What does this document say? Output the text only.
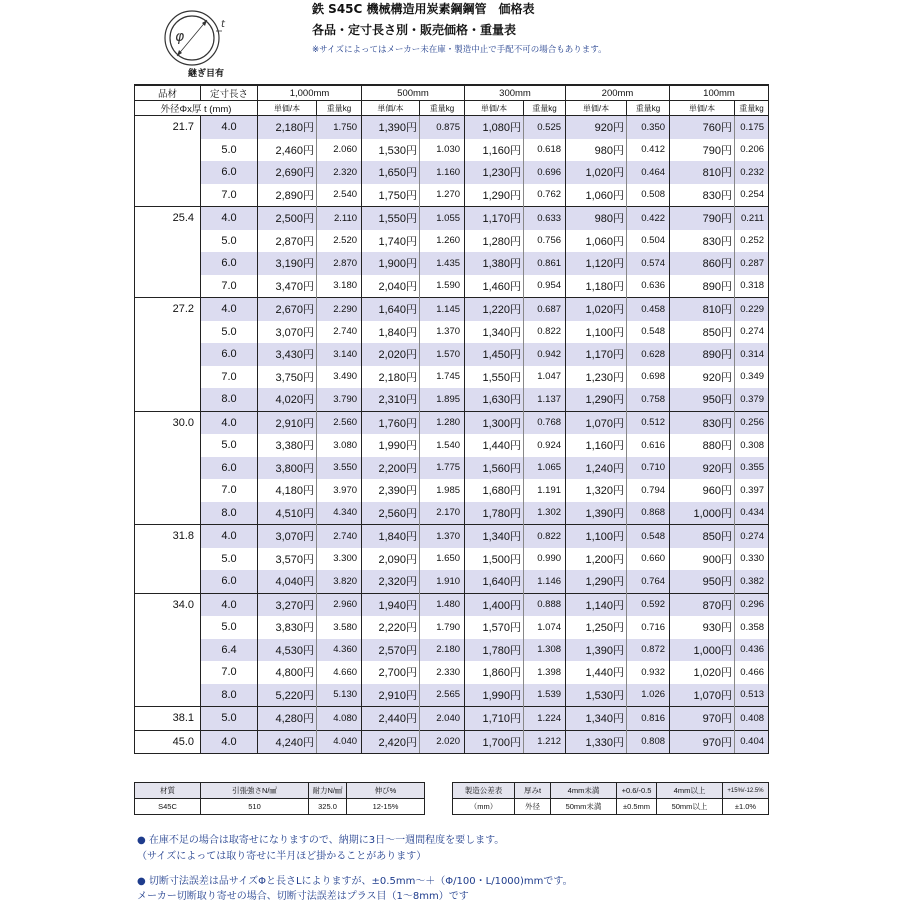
φ
t
継ぎ目有
鉄 S45C 機械構造用炭素鋼鋼管　価格表
各品・定寸長さ別・販売価格・重量表
※サイズによってはメーカー未在庫・製造中止で手配不可の場合もあります。
品材	定寸長さ	1,000mm		500mm		300mm		200mm		100mm	
外径Φx厚 t (mm)		単価/本	重量kg	単価/本	重量kg	単価/本	重量kg	単価/本	重量kg	単価/本	重量kg
21.7	4.0	2,180円	1.750	1,390円	0.875	1,080円	0.525	920円	0.350	760円	0.175
	5.0	2,460円	2.060	1,530円	1.030	1,160円	0.618	980円	0.412	790円	0.206
	6.0	2,690円	2.320	1,650円	1.160	1,230円	0.696	1,020円	0.464	810円	0.232
	7.0	2,890円	2.540	1,750円	1.270	1,290円	0.762	1,060円	0.508	830円	0.254
25.4	4.0	2,500円	2.110	1,550円	1.055	1,170円	0.633	980円	0.422	790円	0.211
	5.0	2,870円	2.520	1,740円	1.260	1,280円	0.756	1,060円	0.504	830円	0.252
	6.0	3,190円	2.870	1,900円	1.435	1,380円	0.861	1,120円	0.574	860円	0.287
	7.0	3,470円	3.180	2,040円	1.590	1,460円	0.954	1,180円	0.636	890円	0.318
27.2	4.0	2,670円	2.290	1,640円	1.145	1,220円	0.687	1,020円	0.458	810円	0.229
	5.0	3,070円	2.740	1,840円	1.370	1,340円	0.822	1,100円	0.548	850円	0.274
	6.0	3,430円	3.140	2,020円	1.570	1,450円	0.942	1,170円	0.628	890円	0.314
	7.0	3,750円	3.490	2,180円	1.745	1,550円	1.047	1,230円	0.698	920円	0.349
	8.0	4,020円	3.790	2,310円	1.895	1,630円	1.137	1,290円	0.758	950円	0.379
30.0	4.0	2,910円	2.560	1,760円	1.280	1,300円	0.768	1,070円	0.512	830円	0.256
	5.0	3,380円	3.080	1,990円	1.540	1,440円	0.924	1,160円	0.616	880円	0.308
	6.0	3,800円	3.550	2,200円	1.775	1,560円	1.065	1,240円	0.710	920円	0.355
	7.0	4,180円	3.970	2,390円	1.985	1,680円	1.191	1,320円	0.794	960円	0.397
	8.0	4,510円	4.340	2,560円	2.170	1,780円	1.302	1,390円	0.868	1,000円	0.434
31.8	4.0	3,070円	2.740	1,840円	1.370	1,340円	0.822	1,100円	0.548	850円	0.274
	5.0	3,570円	3.300	2,090円	1.650	1,500円	0.990	1,200円	0.660	900円	0.330
	6.0	4,040円	3.820	2,320円	1.910	1,640円	1.146	1,290円	0.764	950円	0.382
34.0	4.0	3,270円	2.960	1,940円	1.480	1,400円	0.888	1,140円	0.592	870円	0.296
	5.0	3,830円	3.580	2,220円	1.790	1,570円	1.074	1,250円	0.716	930円	0.358
	6.4	4,530円	4.360	2,570円	2.180	1,780円	1.308	1,390円	0.872	1,000円	0.436
	7.0	4,800円	4.660	2,700円	2.330	1,860円	1.398	1,440円	0.932	1,020円	0.466
	8.0	5,220円	5.130	2,910円	2.565	1,990円	1.539	1,530円	1.026	1,070円	0.513
38.1	5.0	4,280円	4.080	2,440円	2.040	1,710円	1.224	1,340円	0.816	970円	0.408
45.0	4.0	4,240円	4.040	2,420円	2.020	1,700円	1.212	1,330円	0.808	970円	0.404
材質	引張強さN/㎟	耐力N/㎟	伸び%
S45C	510	325.0	12-15%
製造公差表	厚みt	4mm未満	+0.6/-0.5	4mm以上	+15%/-12.5%
（mm）	外径	50mm未満	±0.5mm	50mm以上	±1.0%
● 在庫不足の場合は取寄せになりますので、納期に3日〜一週間程度を要します。
（サイズによっては取り寄せに半月ほど掛かることがあります）
● 切断寸法誤差は品サイズΦと長さLによりますが、±0.5mm〜＋（Φ/100・L/1000)mmです。
メーカー切断取り寄せの場合、切断寸法誤差はプラス目（1〜8mm）です
